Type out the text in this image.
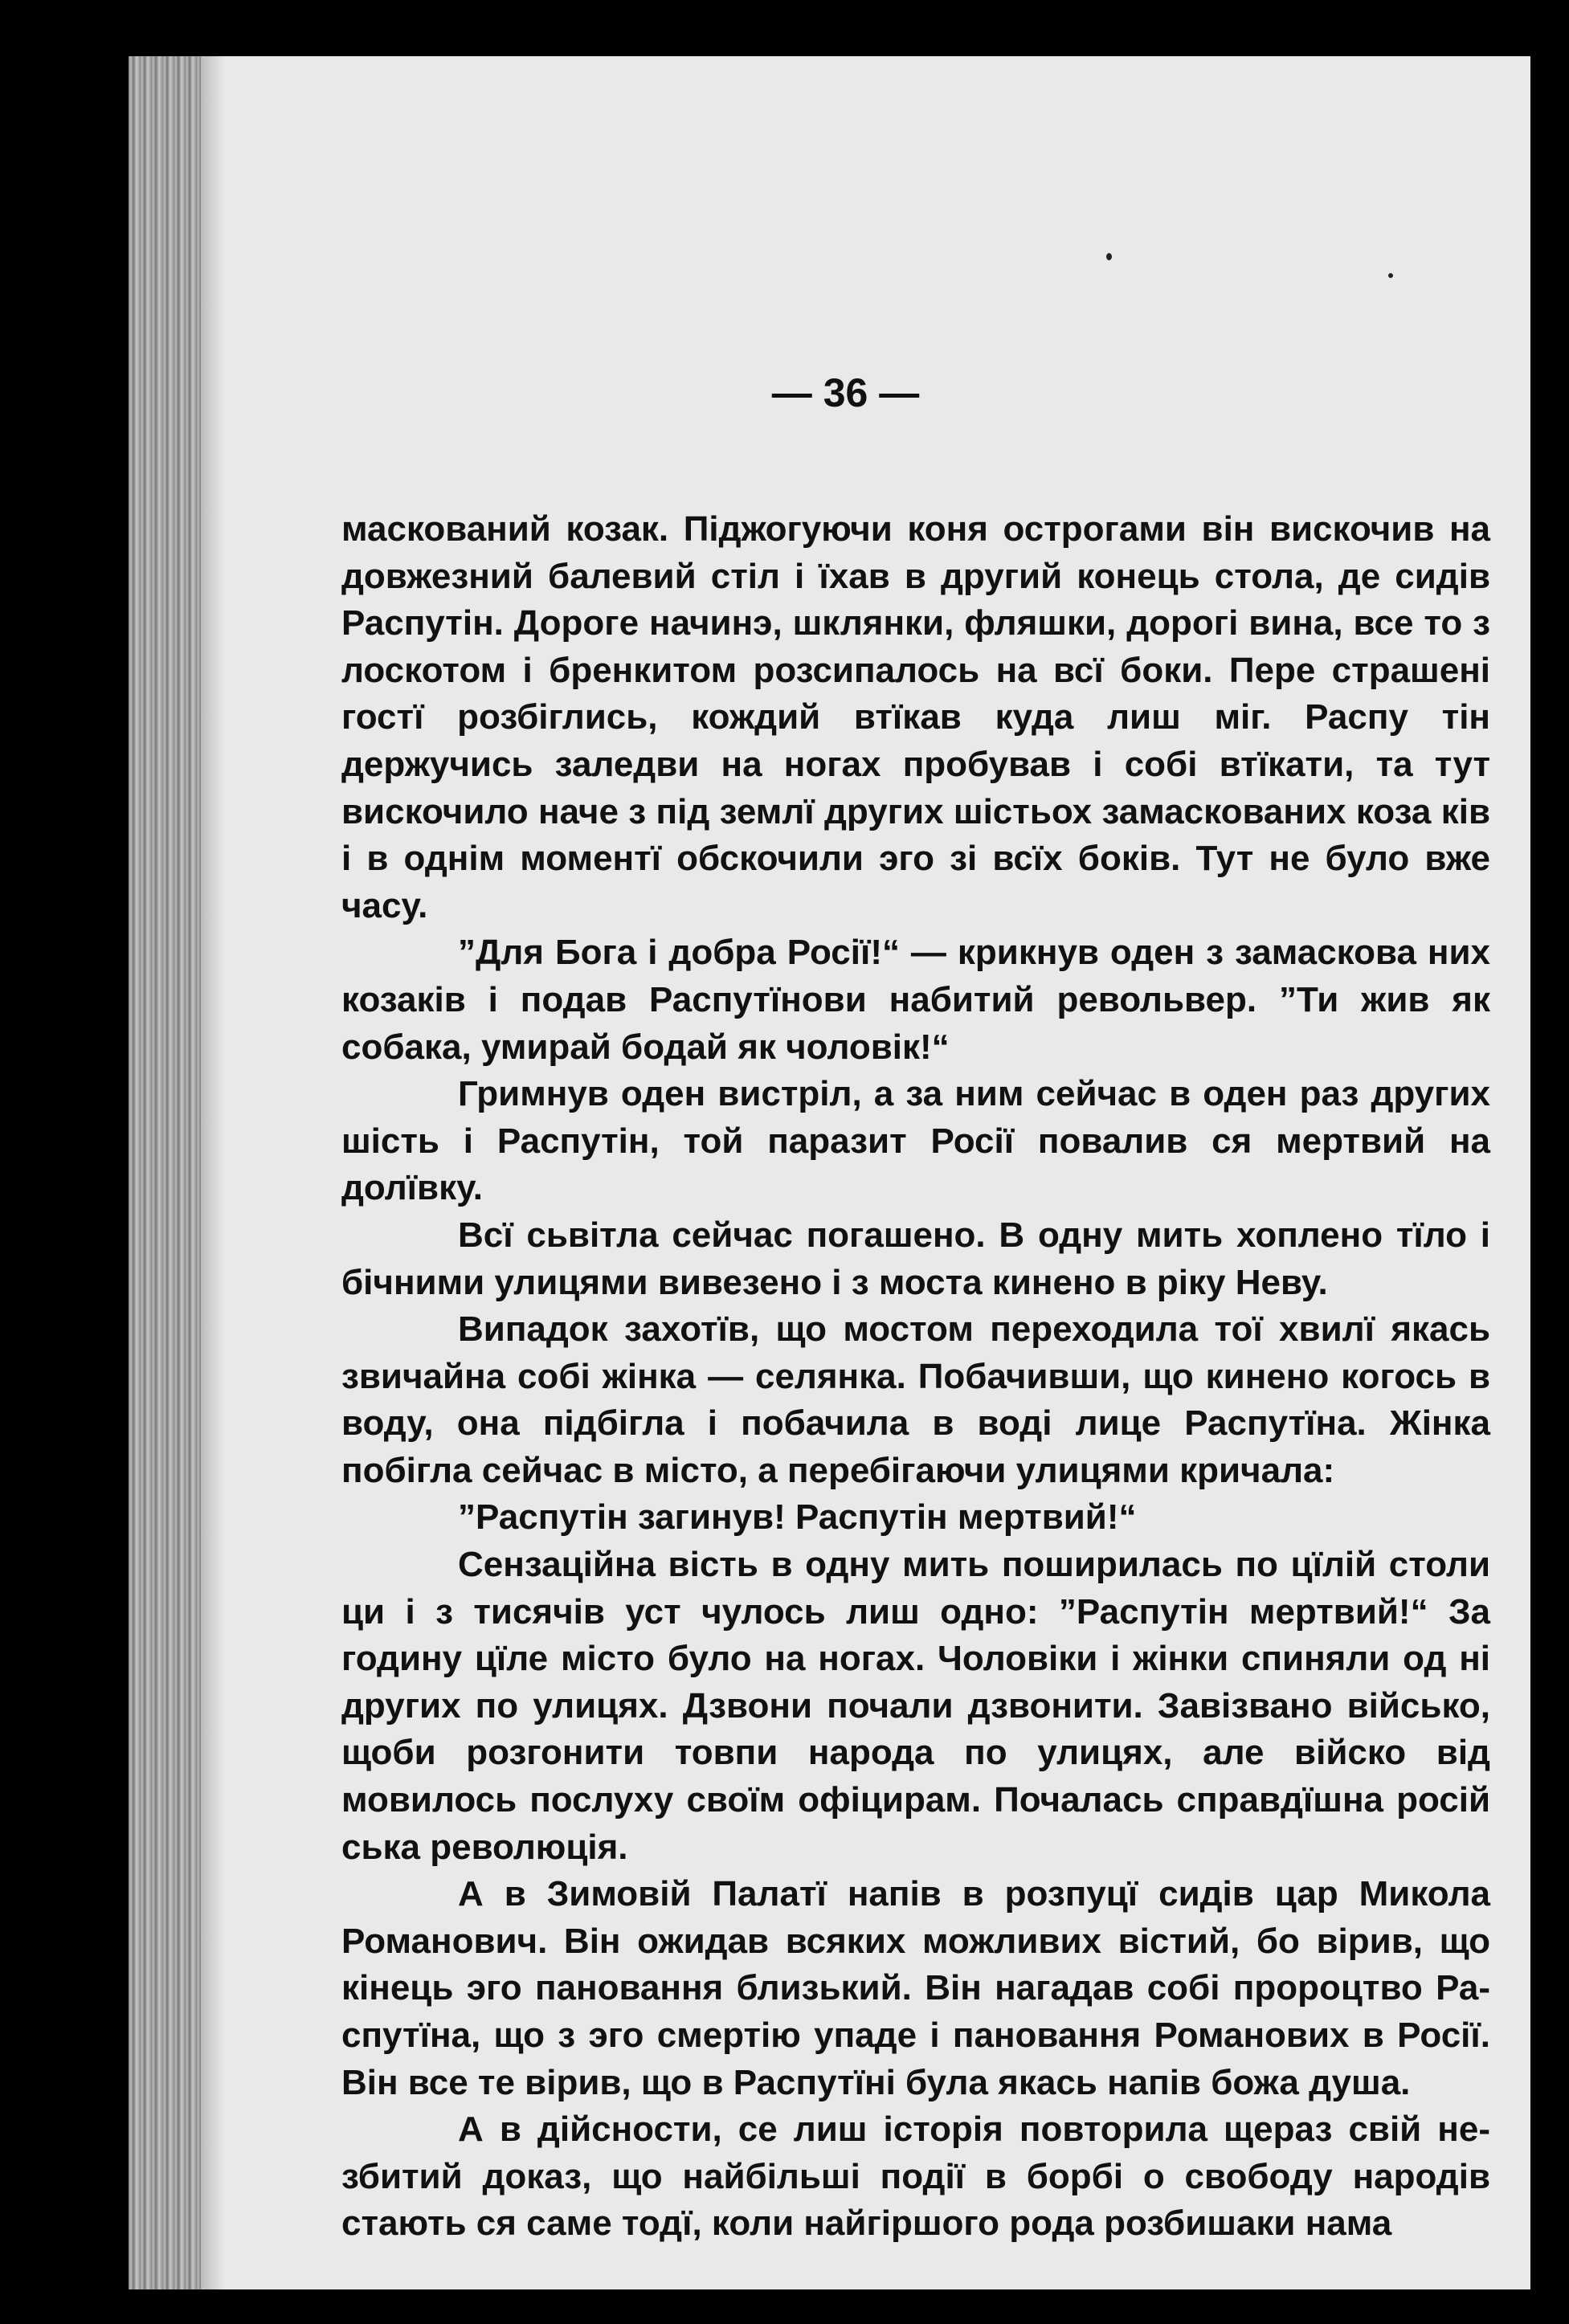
— 36 —

маскований козак. Піджогуючи коня острогами він вискочив на довжезний балевий стіл і їхав в другий конець стола, де сидів Распутін. Дороге начинэ, шклянки, фляшки, дорогі вина, все то з лоскотом і бренкитом розсипалось на всї боки. Пере страшені гостї розбіглись, кождий втїкав куда лиш міг. Распу тін держучись заледви на ногах пробував і собі втїкати, та тут вискочило наче з під землї других шістьох замаскованих коза ків і в однім моментї обскочили эго зі всїх боків. Тут не було вже часу.

”Для Бога і добра Росії!“ — крикнув оден з замаскова них козаків і подав Распутїнови набитий револьвер. ”Ти жив як собака, умирай бодай як чоловік!“

Гримнув оден вистріл, а за ним сейчас в оден раз других шість і Распутін, той паразит Росії повалив ся мертвий на долївку.

Всї сьвітла сейчас погашено. В одну мить хоплено тїло і бічними улицями вивезено і з моста кинено в ріку Неву.

Випадок захотїв, що мостом переходила тої хвилї якась звичайна собі жінка — селянка. Побачивши, що кинено когось в воду, она підбігла і побачила в воді лице Распутїна. Жінка побігла сейчас в місто, а перебігаючи улицями кричала:

”Распутін загинув! Распутін мертвий!“

Сензаційна вість в одну мить поширилась по цїлій столи ци і з тисячів уст чулось лиш одно: ”Распутін мертвий!“ За годину цїле місто було на ногах. Чоловіки і жінки спиняли од ні других по улицях. Дзвони почали дзвонити. Завізвано військо, щоби розгонити товпи народа по улицях, але війско від мовилось послуху своїм офіцирам. Почалась справдїшна росій ська революція.

А в Зимовій Палатї напів в розпуцї сидів цар Микола Романович. Він ожидав всяких можливих вістий, бо вірив, що кінець эго пановання близький. Він нагадав собі пророцтво Распутїна, що з эго смертію упаде і пановання Романових в Росії. Він все те вірив, що в Распутїні була якась напів божа душа.

А в дійсности, се лиш історія повторила щераз свій незбитий доказ, що найбільші події в борбі о свободу народів стають ся саме тодї, коли найгіршого рода розбишаки нама
